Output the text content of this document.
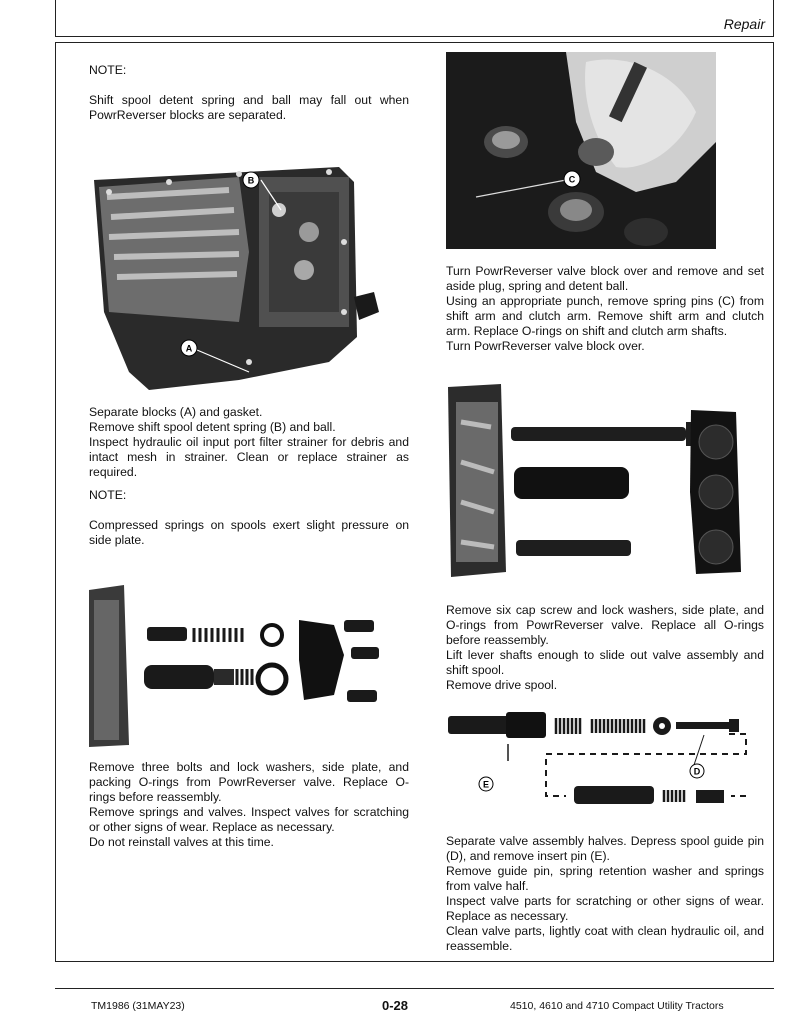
Repair

NOTE:

Shift spool detent spring and ball may fall out when PowrReverser blocks are separated.

B
A

Separate blocks (A) and gasket.

Remove shift spool detent spring (B) and ball.

Inspect hydraulic oil input port filter strainer for debris and intact mesh in strainer. Clean or replace strainer as required.

NOTE:

Compressed springs on spools exert slight pressure on side plate.

Remove three bolts and lock washers, side plate, and packing O-rings from PowrReverser valve. Replace O-rings before reassembly.

Remove springs and valves. Inspect valves for scratching or other signs of wear. Replace as necessary.

Do not reinstall valves at this time.

C

Turn PowrReverser valve block over and remove and set aside plug, spring and detent ball.

Using an appropriate punch, remove spring pins (C) from shift arm and clutch arm. Remove shift arm and clutch arm. Replace O-rings on shift and clutch arm shafts.

Turn PowrReverser valve block over.

Remove six cap screw and lock washers, side plate, and O-rings from PowrReverser valve. Replace all O-rings before reassembly.

Lift lever shafts enough to slide out valve assembly and shift spool.

Remove drive spool.

E
D

Separate valve assembly halves. Depress spool guide pin (D), and remove insert pin (E).

Remove guide pin, spring retention washer and springs from valve half.

Inspect valve parts for scratching or other signs of wear. Replace as necessary.

Clean valve parts, lightly coat with clean hydraulic oil, and reassemble.

TM1986 (31MAY23)	0-28	4510, 4610 and 4710 Compact Utility Tractors
